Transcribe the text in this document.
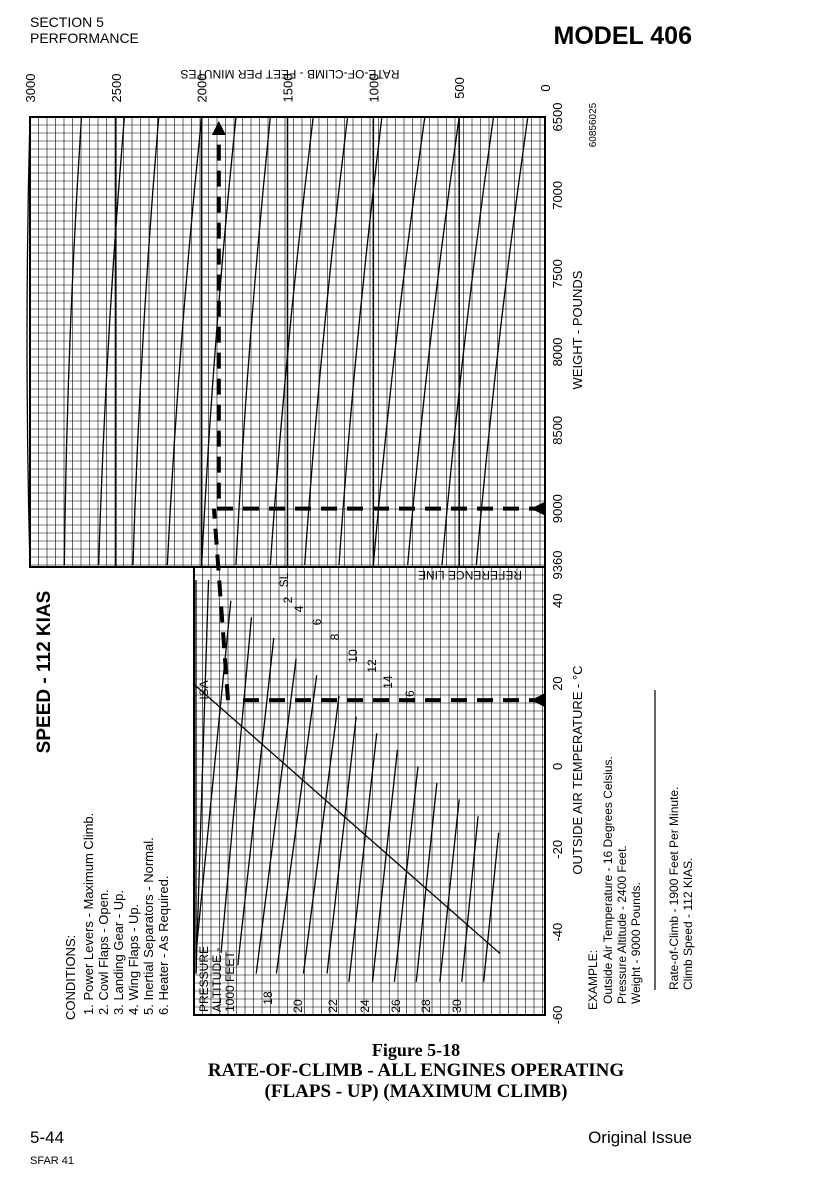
SECTION 5
PERFORMANCE	MODEL 406
0
500
1000
1500
2000
2500
3000
6500
7000
7500
8000
8500
9000
9360
40
20
0
-20
-40
-60
RATE-OF-CLIMB - FEET PER MINUTES
WEIGHT - POUNDS
OUTSIDE AIR TEMPERATURE - °C
REFERENCE LINE
60856025
SPEED - 112 KIAS
CONDITIONS: 1. Power Levers - Maximum Climb. 2. Cowl Flaps - Open. 3. Landing Gear - Up. 4. Wing Flaps - Up. 5. Inertial Separators - Normal. 6. Heater - As Required. PRESSURE ALTITUDE - 1000 FEET
ISA
SL
2
4
6
8
10
12
14
16
18
20 22 24 26 28 30	EXAMPLE: Outside Air Temperature - 16 Degrees Celsius. Pressure Altitude - 2400 Feet. Weight - 9000 Pounds. Rate-of-Climb - 1900 Feet Per Minute. Climb Speed - 112 KIAS.
Figure 5-18
RATE-OF-CLIMB - ALL ENGINES OPERATING
(FLAPS - UP) (MAXIMUM CLIMB)
5-44
SFAR 41
Original Issue
